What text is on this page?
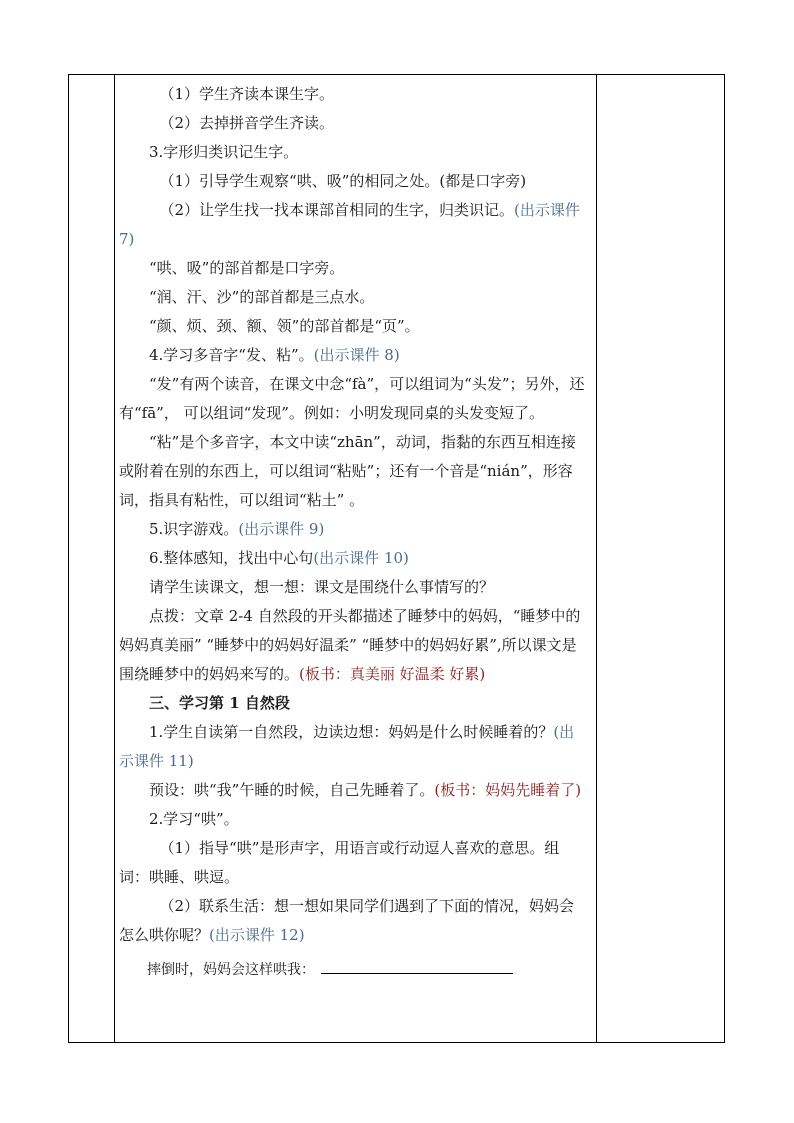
（1）学生齐读本课生字。

（2）去掉拼音学生齐读。

3.字形归类识记生字。

（1）引导学生观察“哄、吸”的相同之处。(都是口字旁)

（2）让学生找一找本课部首相同的生字，归类识记。(出示课件 7)

“哄、吸”的部首都是口字旁。

“润、汗、沙”的部首都是三点水。

“颜、烦、颈、额、领”的部首都是“页”。

4.学习多音字“发、粘”。(出示课件 8)

“发”有两个读音，在课文中念“fà”，可以组词为“头发”；另外，还有“fā”， 可以组词“发现”。例如：小明发现同桌的头发变短了。

“粘”是个多音字，本文中读“zhān”，动词，指黏的东西互相连接或附着在别的东西上，可以组词“粘贴”；还有一个音是“nián”，形容词，指具有粘性，可以组词“粘土” 。

5.识字游戏。(出示课件 9)

6.整体感知，找出中心句(出示课件 10)

请学生读课文，想一想：课文是围绕什么事情写的？

点拨：文章 2-4 自然段的开头都描述了睡梦中的妈妈，“睡梦中的妈妈真美丽” “睡梦中的妈妈好温柔” “睡梦中的妈妈好累”,所以课文是围绕睡梦中的妈妈来写的。(板书：真美丽 好温柔 好累)

三、学习第 1 自然段

1.学生自读第一自然段，边读边想：妈妈是什么时候睡着的？(出示课件 11)

预设：哄“我”午睡的时候，自己先睡着了。(板书：妈妈先睡着了)

2.学习“哄”。

（1）指导“哄”是形声字，用语言或行动逗人喜欢的意思。组词：哄睡、哄逗。

（2）联系生活：想一想如果同学们遇到了下面的情况，妈妈会怎么哄你呢？(出示课件 12)

摔倒时，妈妈会这样哄我：
